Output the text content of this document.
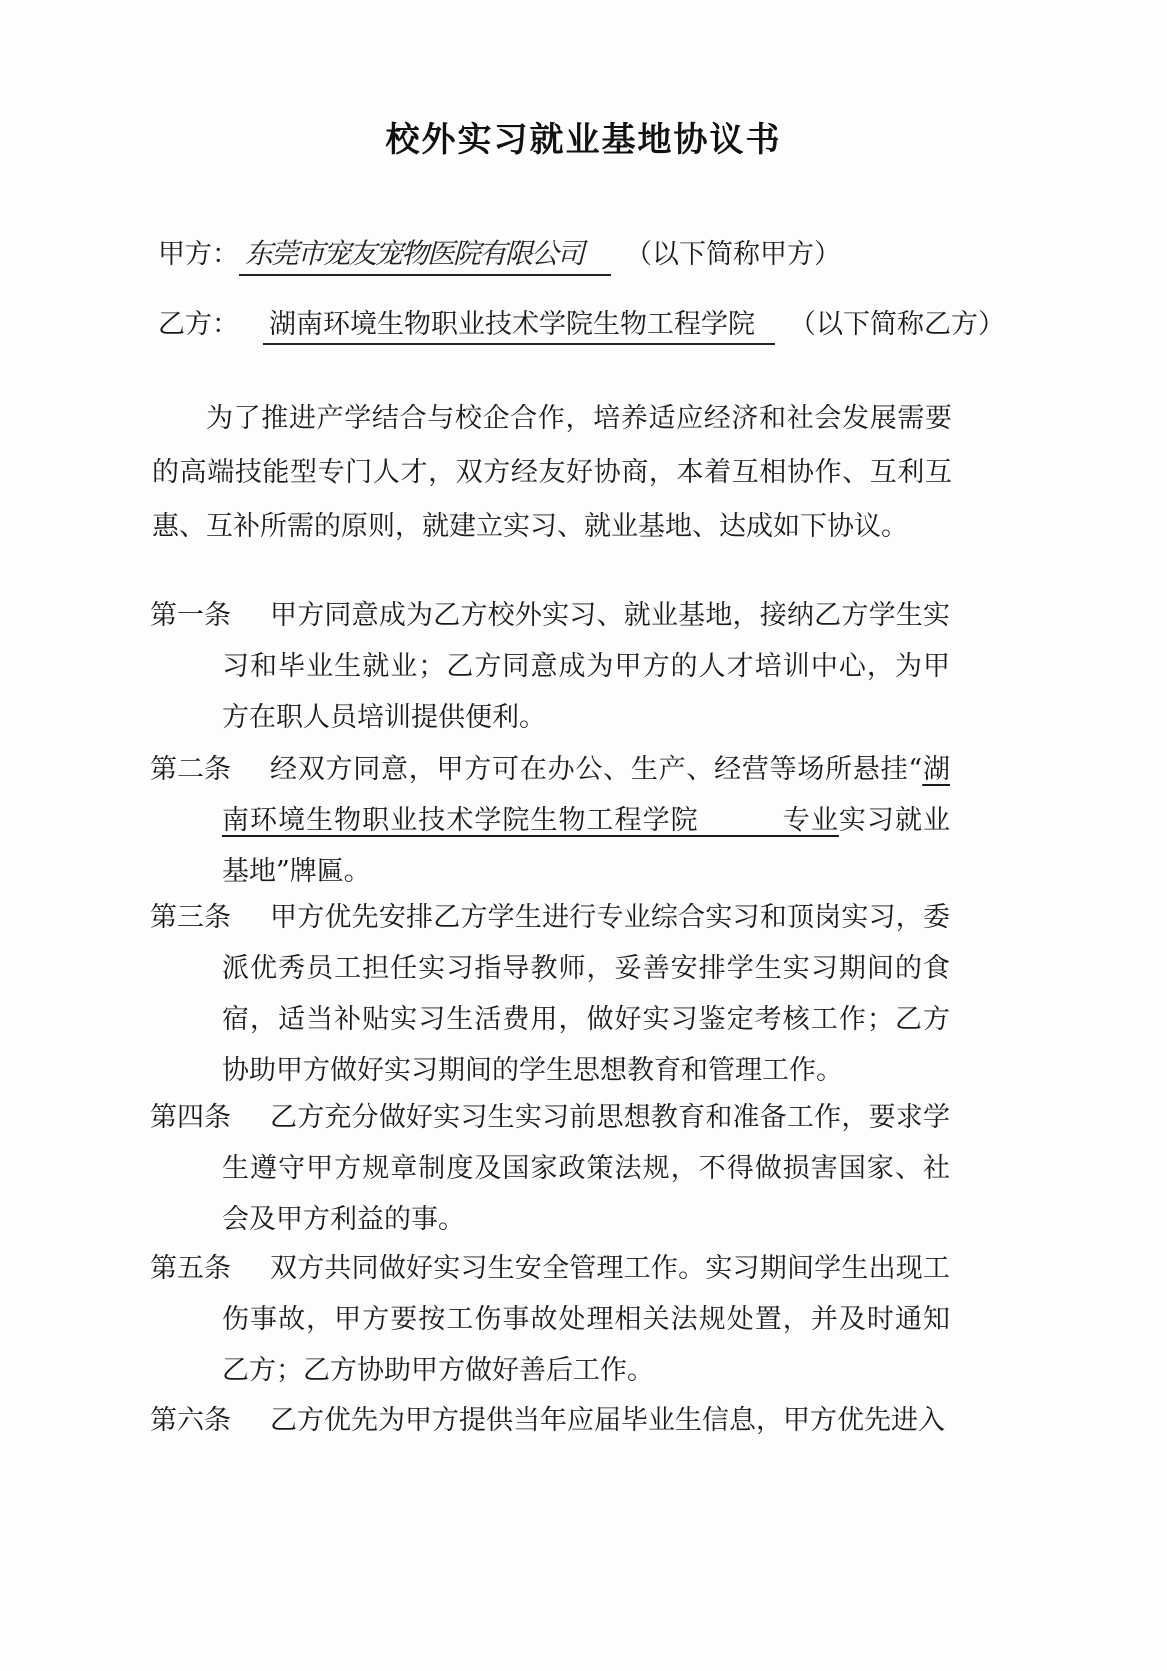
校外实习就业基地协议书
甲方： 东莞市宠友宠物医院有限公司 （以下简称甲方）
乙方： 湖南环境生物职业技术学院生物工程学院 （以下简称乙方）
为了推进产学结合与校企合作，培养适应经济和社会发展需要的高端技能型专门人才，双方经友好协商，本着互相协作、互利互惠、互补所需的原则，就建立实习、就业基地、达成如下协议。
第一条	甲方同意成为乙方校外实习、就业基地，接纳乙方学生实习和毕业生就业；乙方同意成为甲方的人才培训中心，为甲方在职人员培训提供便利。
第二条	经双方同意，甲方可在办公、生产、经营等场所悬挂“湖南环境生物职业技术学院生物工程学院　　　专业实习就业基地”牌匾。
第三条	甲方优先安排乙方学生进行专业综合实习和顶岗实习，委派优秀员工担任实习指导教师，妥善安排学生实习期间的食宿，适当补贴实习生活费用，做好实习鉴定考核工作；乙方协助甲方做好实习期间的学生思想教育和管理工作。
第四条	乙方充分做好实习生实习前思想教育和准备工作，要求学生遵守甲方规章制度及国家政策法规，不得做损害国家、社会及甲方利益的事。
第五条	双方共同做好实习生安全管理工作。实习期间学生出现工伤事故，甲方要按工伤事故处理相关法规处置，并及时通知乙方；乙方协助甲方做好善后工作。
第六条	乙方优先为甲方提供当年应届毕业生信息，甲方优先进入
